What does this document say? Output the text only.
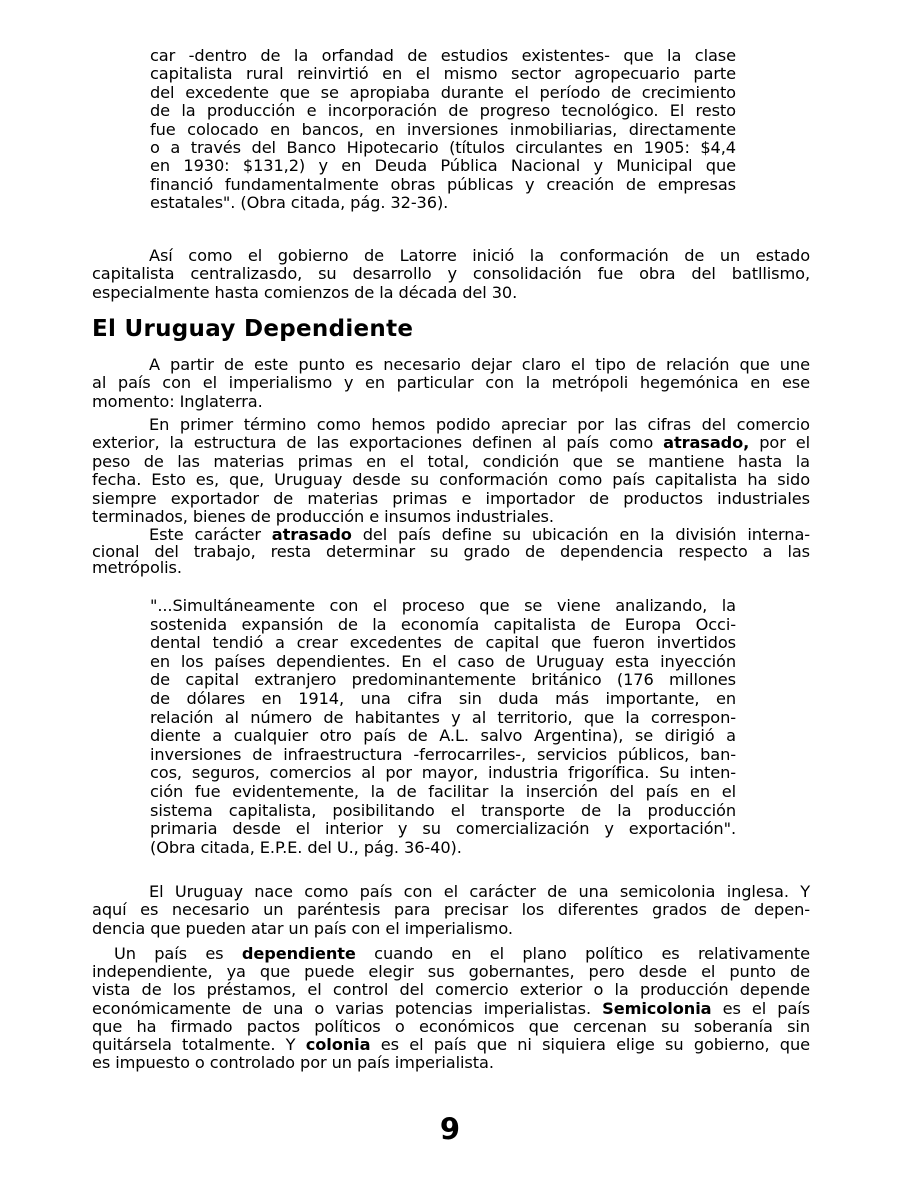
car -dentro de la orfandad de estudios existentes- que la clase
capitalista rural reinvirtió en el mismo sector agropecuario parte
del excedente que se apropiaba durante el período de crecimiento
de la producción e incorporación de progreso tecnológico. El resto
fue colocado en bancos, en inversiones inmobiliarias, directamente
o a través del Banco Hipotecario (títulos circulantes en 1905: $4,4
en 1930: $131,2) y en Deuda Pública Nacional y Municipal que
financió fundamentalmente obras públicas y creación de empresas
estatales". (Obra citada, pág. 32-36).
Así como el gobierno de Latorre inició la conformación de un estado
capitalista centralizasdo, su desarrollo y consolidación fue obra del batllismo,
especialmente hasta comienzos de la década del 30.
El Uruguay Dependiente
A partir de este punto es necesario dejar claro el tipo de relación que une
al país con el imperialismo y en particular con la metrópoli hegemónica en ese
momento: Inglaterra.
En primer término como hemos podido apreciar por las cifras del comercio
exterior, la estructura de las exportaciones definen al país como atrasado, por el
peso de las materias primas en el total, condición que se mantiene hasta la
fecha. Esto es, que, Uruguay desde su conformación como país capitalista ha sido
siempre exportador de materias primas e importador de productos industriales
terminados, bienes de producción e insumos industriales.
Este carácter atrasado del país define su ubicación en la división interna-
cional del trabajo, resta determinar su grado de dependencia respecto a las
metrópolis.
"...Simultáneamente con el proceso que se viene analizando, la
sostenida expansión de la economía capitalista de Europa Occi-
dental tendió a crear excedentes de capital que fueron invertidos
en los países dependientes. En el caso de Uruguay esta inyección
de capital extranjero predominantemente británico (176 millones
de dólares en 1914, una cifra sin duda más importante, en
relación al número de habitantes y al territorio, que la correspon-
diente a cualquier otro país de A.L. salvo Argentina), se dirigió a
inversiones de infraestructura -ferrocarriles-, servicios públicos, ban-
cos, seguros, comercios al por mayor, industria frigorífica. Su inten-
ción fue evidentemente, la de facilitar la inserción del país en el
sistema capitalista, posibilitando el transporte de la producción
primaria desde el interior y su comercialización y exportación".
(Obra citada, E.P.E. del U., pág. 36-40).
El Uruguay nace como país con el carácter de una semicolonia inglesa. Y
aquí es necesario un paréntesis para precisar los diferentes grados de depen-
dencia que pueden atar un país con el imperialismo.
Un país es dependiente cuando en el plano político es relativamente
independiente, ya que puede elegir sus gobernantes, pero desde el punto de
vista de los préstamos, el control del comercio exterior o la producción depende
económicamente de una o varias potencias imperialistas. Semicolonia es el país
que ha firmado pactos políticos o económicos que cercenan su soberanía sin
quitársela totalmente. Y colonia es el país que ni siquiera elige su gobierno, que
es impuesto o controlado por un país imperialista.
9
